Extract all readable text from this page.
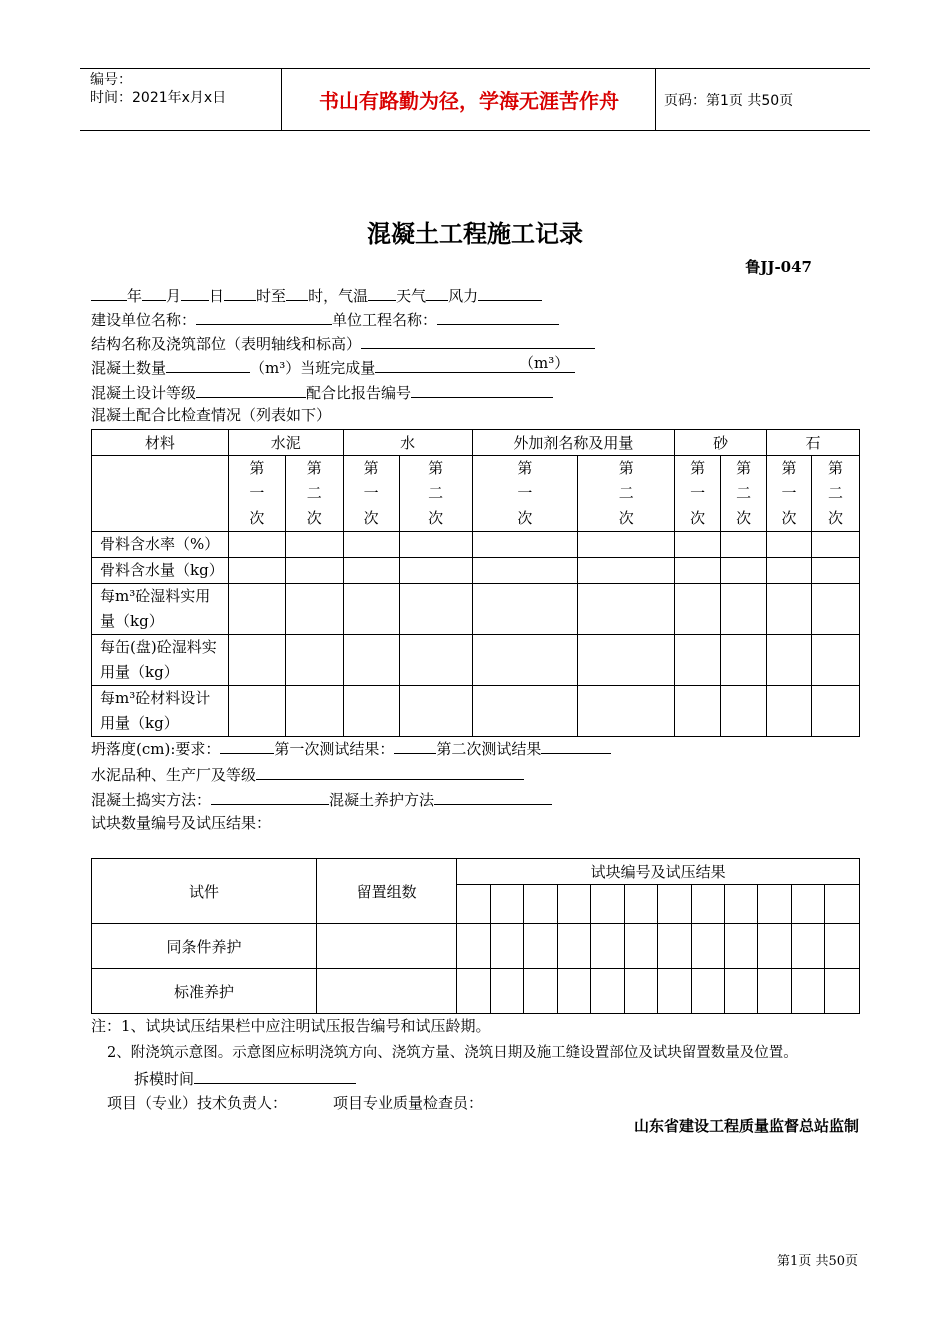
编号：
时间：2021年x月x日	书山有路勤为径，学海无涯苦作舟	页码：第1页 共50页
混凝土工程施工记录
鲁JJ-047
年 月 日 时至 时，气温 天气 风力
建设单位名称：	单位工程名称：
结构名称及浇筑部位（表明轴线和标高）
混凝土数量	（m³）当班完成量	（m³）
混凝土设计等级	配合比报告编号
混凝土配合比检查情况（列表如下）
材料	水泥		水		外加剂名称及用量		砂		石	
	第
一
次	第
二
次	第
一
次	第
二
次	第
一
次	第
二
次	第
一
次	第
二
次	第
一
次	第
二
次
骨料含水率（%）										
骨料含水量（kg）										
每m³砼湿料实用量（kg）										
每缶(盘)砼湿料实用量（kg）										
每m³砼材料设计用量（kg）										
坍落度(cm):要求：	第一次测试结果：	第二次测试结果
水泥品种、生产厂及等级
混凝土捣实方法：	混凝土养护方法
试块数量编号及试压结果：
试件	留置组数	试块编号及试压结果											

同条件养护													
标准养护													
注：1、试块试压结果栏中应注明试压报告编号和试压龄期。
2、附浇筑示意图。示意图应标明浇筑方向、浇筑方量、浇筑日期及施工缝设置部位及试块留置数量及位置。
拆模时间
项目（专业）技术负责人：	项目专业质量检查员：
山东省建设工程质量监督总站监制
第1页 共50页
